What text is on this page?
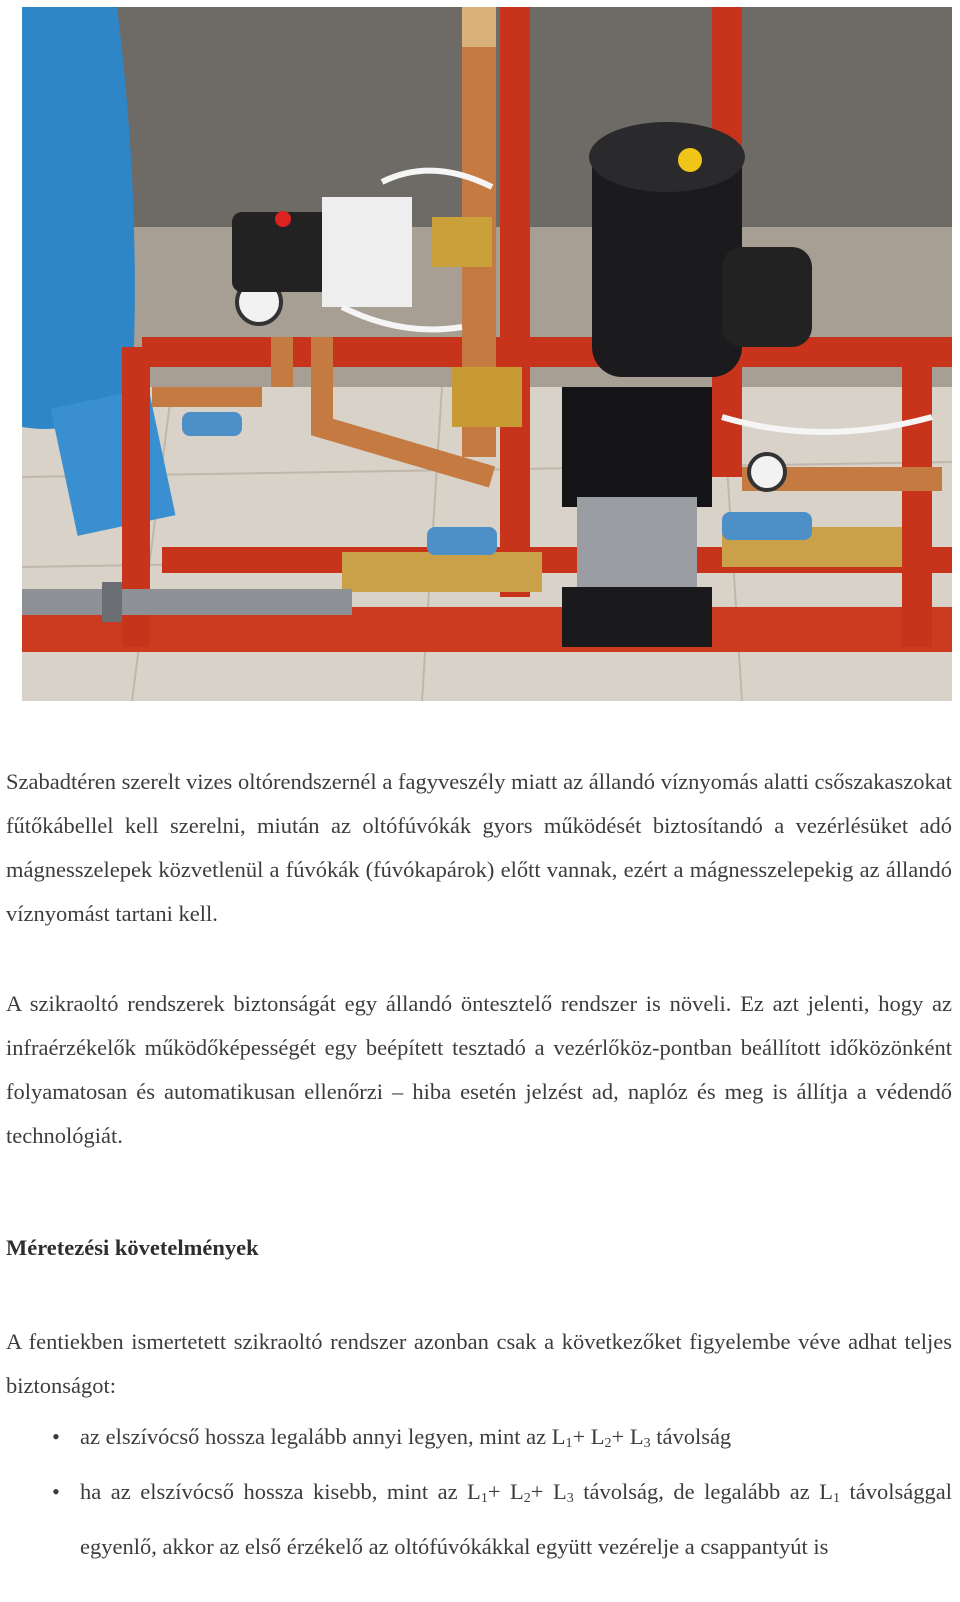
Szabadtéren szerelt vizes oltórendszernél a fagyveszély miatt az állandó víznyomás alatti csőszakaszokat fűtőkábellel kell szerelni, miután az oltófúvókák gyors működését biztosítandó a vezérlésüket adó mágnesszelepek közvetlenül a fúvókák (fúvókapárok) előtt vannak, ezért a mágnesszelepekig az állandó víznyomást tartani kell.

A szikraoltó rendszerek biztonságát egy állandó öntesztelő rendszer is növeli. Ez azt jelenti, hogy az infraérzékelők működőképességét egy beépített tesztadó a vezérlőköz-pontban beállított időközönként folyamatosan és automatikusan ellenőrzi – hiba esetén jelzést ad, naplóz és meg is állítja a védendő technológiát.

Méretezési követelmények

A fentiekben ismertetett szikraoltó rendszer azonban csak a következőket figyelembe véve adhat teljes biztonságot:

• az elszívócső hossza legalább annyi legyen, mint az $L_1+ L_2+ L_3$ távolság
• ha az elszívócső hossza kisebb, mint az $L_1+ L_2+ L_3$ távolság, de legalább az $L_1$ távolsággal egyenlő, akkor az első érzékelő az oltófúvókákkal együtt vezérelje a csappantyút is
